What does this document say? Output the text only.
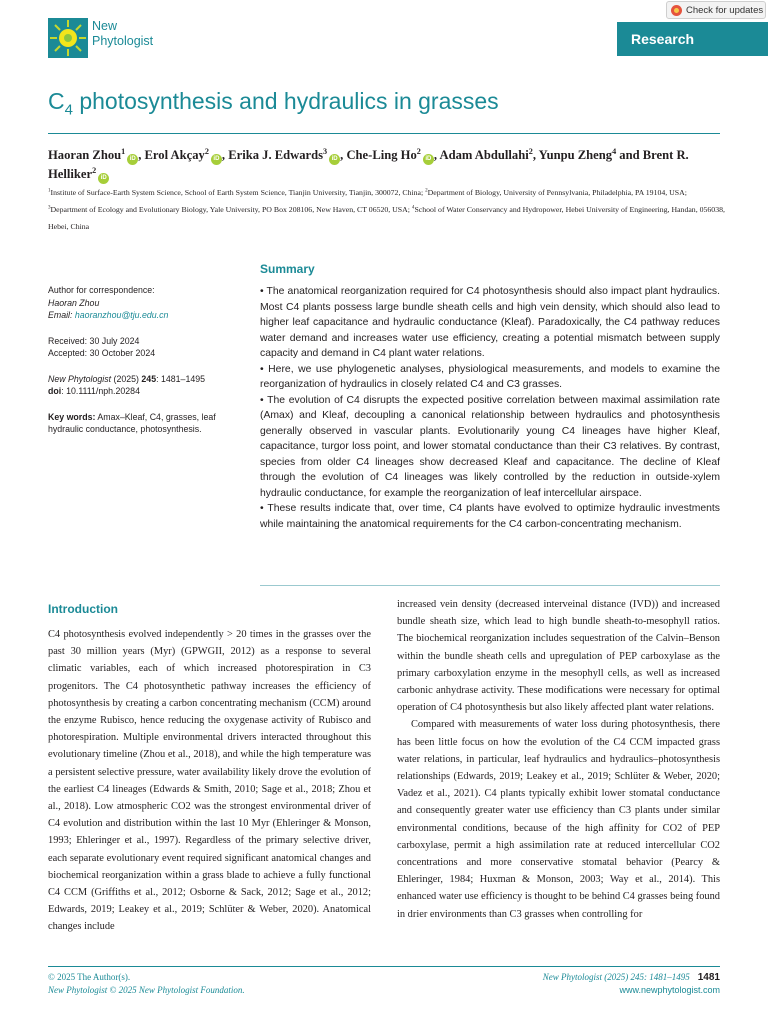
New
Phytologist
Check for updates
Research
$C_4$ photosynthesis and hydraulics in grasses
Haoran Zhou$^1$iD , Erol Akçay$^2$iD , Erika J. Edwards$^3$iD , Che-Ling Ho$^2$iD , Adam Abdullahi$^2$, Yunpu Zheng$^4$ and Brent R. Helliker$^2$iD
$^1$Institute of Surface-Earth System Science, School of Earth System Science, Tianjin University, Tianjin, 300072, China; $^2$Department of Biology, University of Pennsylvania, Philadelphia, PA 19104, USA; $^3$Department of Ecology and Evolutionary Biology, Yale University, PO Box 208106, New Haven, CT 06520, USA; $^4$School of Water Conservancy and Hydropower, Hebei University of Engineering, Handan, 056038, Hebei, China

Author for correspondence:
Haoran Zhou
Email: haoranzhou@tju.edu.cn

Received: 30 July 2024
Accepted: 30 October 2024

New Phytologist (2025) 245: 1481–1495
doi: 10.1111/nph.20284

Key words: Amax–Kleaf, C4, grasses, leaf hydraulic conductance, photosynthesis.

Summary

• The anatomical reorganization required for C4 photosynthesis should also impact plant hydraulics. Most C4 plants possess large bundle sheath cells and high vein density, which should also lead to higher leaf capacitance and hydraulic conductance (Kleaf). Paradoxically, the C4 pathway reduces water demand and increases water use efficiency, creating a potential mismatch between supply capacity and demand in C4 plant water relations.

• Here, we use phylogenetic analyses, physiological measurements, and models to examine the reorganization of hydraulics in closely related C4 and C3 grasses.

• The evolution of C4 disrupts the expected positive correlation between maximal assimilation rate (Amax) and Kleaf, decoupling a canonical relationship between hydraulics and photosynthesis generally observed in vascular plants. Evolutionarily young C4 lineages have higher Kleaf, capacitance, turgor loss point, and lower stomatal conductance than their C3 relatives. By contrast, species from older C4 lineages show decreased Kleaf and capacitance. The decline of Kleaf through the evolution of C4 lineages was likely controlled by the reduction in outside-xylem hydraulic conductance, for example the reorganization of leaf intercellular airspace.

• These results indicate that, over time, C4 plants have evolved to optimize hydraulic investments while maintaining the anatomical requirements for the C4 carbon-concentrating mechanism.

Introduction

C4 photosynthesis evolved independently > 20 times in the grasses over the past 30 million years (Myr) (GPWGII, 2012) as a response to several climatic variables, each of which increased photorespiration in C3 progenitors. The C4 photosynthetic pathway increases the efficiency of photosynthesis by creating a carbon concentrating mechanism (CCM) around the enzyme Rubisco, hence reducing the oxygenase activity of Rubisco and photorespiration. Multiple environmental drivers interacted throughout this evolutionary timeline (Zhou et al., 2018), and while the high temperature was a persistent selective pressure, water availability likely drove the evolution of the earliest C4 lineages (Edwards & Smith, 2010; Sage et al., 2018; Zhou et al., 2018). Low atmospheric CO2 was the strongest environmental driver of C4 evolution and distribution within the last 10 Myr (Ehleringer & Monson, 1993; Ehleringer et al., 1997). Regardless of the primary selective driver, each separate evolutionary event required significant anatomical changes and biochemical reorganization within a grass blade to achieve a fully functional C4 CCM (Griffiths et al., 2012; Osborne & Sack, 2012; Sage et al., 2012; Edwards, 2019; Leakey et al., 2019; Schlüter & Weber, 2020). Anatomical changes include

increased vein density (decreased interveinal distance (IVD)) and increased bundle sheath size, which lead to high bundle sheath-to-mesophyll ratios. The biochemical reorganization includes sequestration of the Calvin–Benson within the bundle sheath cells and upregulation of PEP carboxylase as the primary carboxylation enzyme in the mesophyll cells, as well as increased carbonic anhydrase activity. These modifications were necessary for optimal operation of C4 photosynthesis but also likely affected plant water relations.

Compared with measurements of water loss during photosynthesis, there has been little focus on how the evolution of the C4 CCM impacted grass water relations, in particular, leaf hydraulics and hydraulics–photosynthesis relationships (Edwards, 2019; Leakey et al., 2019; Schlüter & Weber, 2020; Vadez et al., 2021). C4 plants typically exhibit lower stomatal conductance and consequently greater water use efficiency than C3 plants under similar environmental conditions, because of the high affinity for CO2 of PEP carboxylase, permit a high assimilation rate at reduced intercellular CO2 concentrations and more conservative stomatal behavior (Pearcy & Ehleringer, 1984; Huxman & Monson, 2003; Way et al., 2014). This enhanced water use efficiency is thought to be behind C4 grasses being found in drier environments than C3 grasses when controlling for

© 2025 The Author(s).
New Phytologist © 2025 New Phytologist Foundation.
New Phytologist (2025) 245: 1481–1495 1481
www.newphytologist.com
